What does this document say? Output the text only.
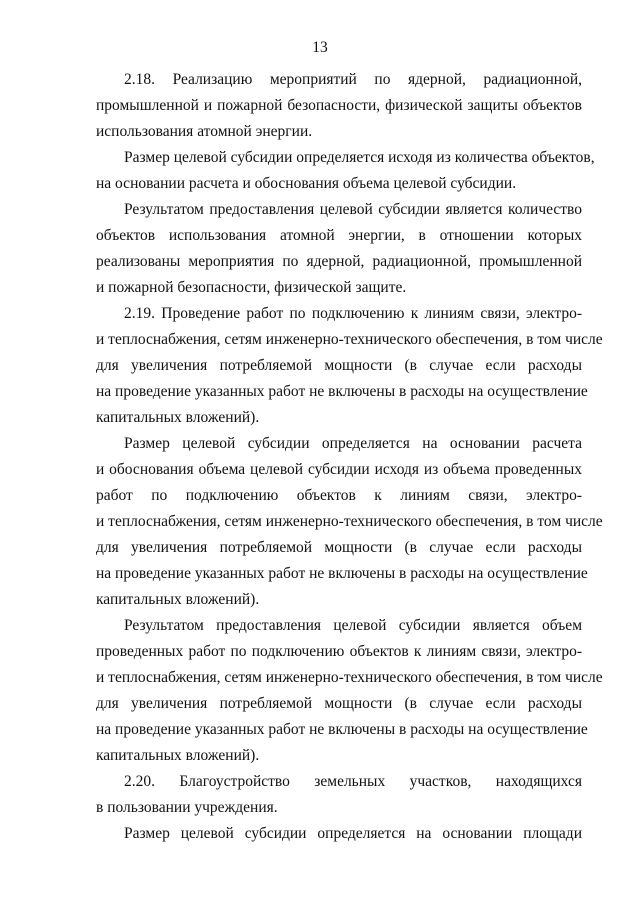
13
2.18. Реализацию мероприятий по ядерной, радиационной,
промышленной и пожарной безопасности, физической защиты объектов
использования атомной энергии.
Размер целевой субсидии определяется исходя из количества объектов,
на основании расчета и обоснования объема целевой субсидии.
Результатом предоставления целевой субсидии является количество
объектов использования атомной энергии, в отношении которых
реализованы мероприятия по ядерной, радиационной, промышленной
и пожарной безопасности, физической защите.
2.19. Проведение работ по подключению к линиям связи, электро-
и теплоснабжения, сетям инженерно-технического обеспечения, в том числе
для увеличения потребляемой мощности (в случае если расходы
на проведение указанных работ не включены в расходы на осуществление
капитальных вложений).
Размер целевой субсидии определяется на основании расчета
и обоснования объема целевой субсидии исходя из объема проведенных
работ по подключению объектов к линиям связи, электро-
и теплоснабжения, сетям инженерно-технического обеспечения, в том числе
для увеличения потребляемой мощности (в случае если расходы
на проведение указанных работ не включены в расходы на осуществление
капитальных вложений).
Результатом предоставления целевой субсидии является объем
проведенных работ по подключению объектов к линиям связи, электро-
и теплоснабжения, сетям инженерно-технического обеспечения, в том числе
для увеличения потребляемой мощности (в случае если расходы
на проведение указанных работ не включены в расходы на осуществление
капитальных вложений).
2.20. Благоустройство земельных участков, находящихся
в пользовании учреждения.
Размер целевой субсидии определяется на основании площади
